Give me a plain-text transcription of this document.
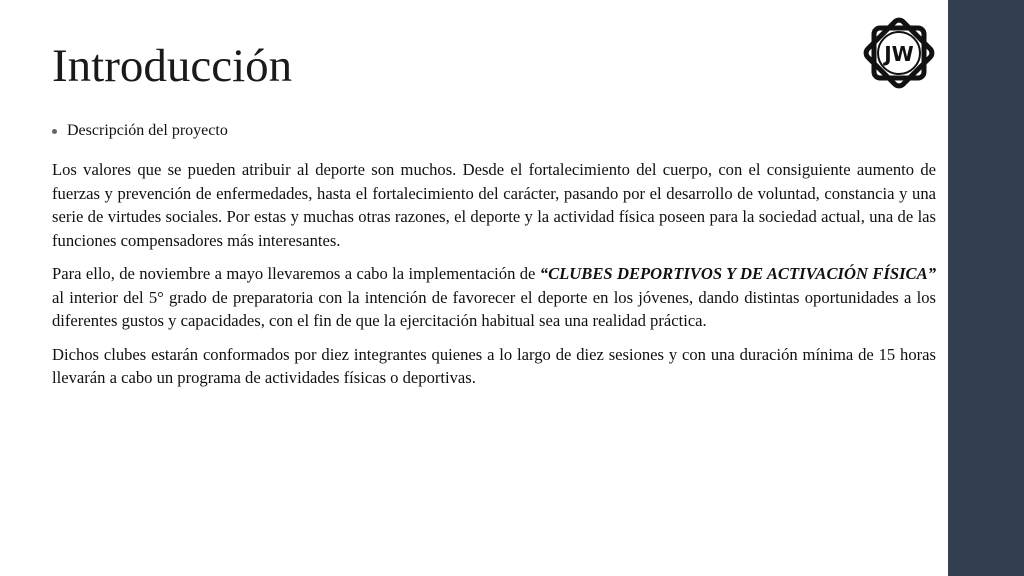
Introducción	JW
Descripción del proyecto

Los valores que se pueden atribuir al deporte son muchos. Desde el fortalecimiento del cuerpo, con el consiguiente aumento de fuerzas y prevención de enfermedades, hasta el fortalecimiento del carácter, pasando por el desarrollo de voluntad, constancia y una serie de virtudes sociales. Por estas y muchas otras razones, el deporte y la actividad física poseen para la sociedad actual, una de las funciones compensadores más interesantes.

Para ello, de noviembre a mayo llevaremos a cabo la implementación de “CLUBES DEPORTIVOS Y DE ACTIVACIÓN FÍSICA” al interior del 5° grado de preparatoria con la intención de favorecer el deporte en los jóvenes, dando distintas oportunidades a los diferentes gustos y capacidades, con el fin de que la ejercitación habitual sea una realidad práctica.

Dichos clubes estarán conformados por diez integrantes quienes a lo largo de diez sesiones y con una duración mínima de 15 horas llevarán a cabo un programa de actividades físicas o deportivas.
